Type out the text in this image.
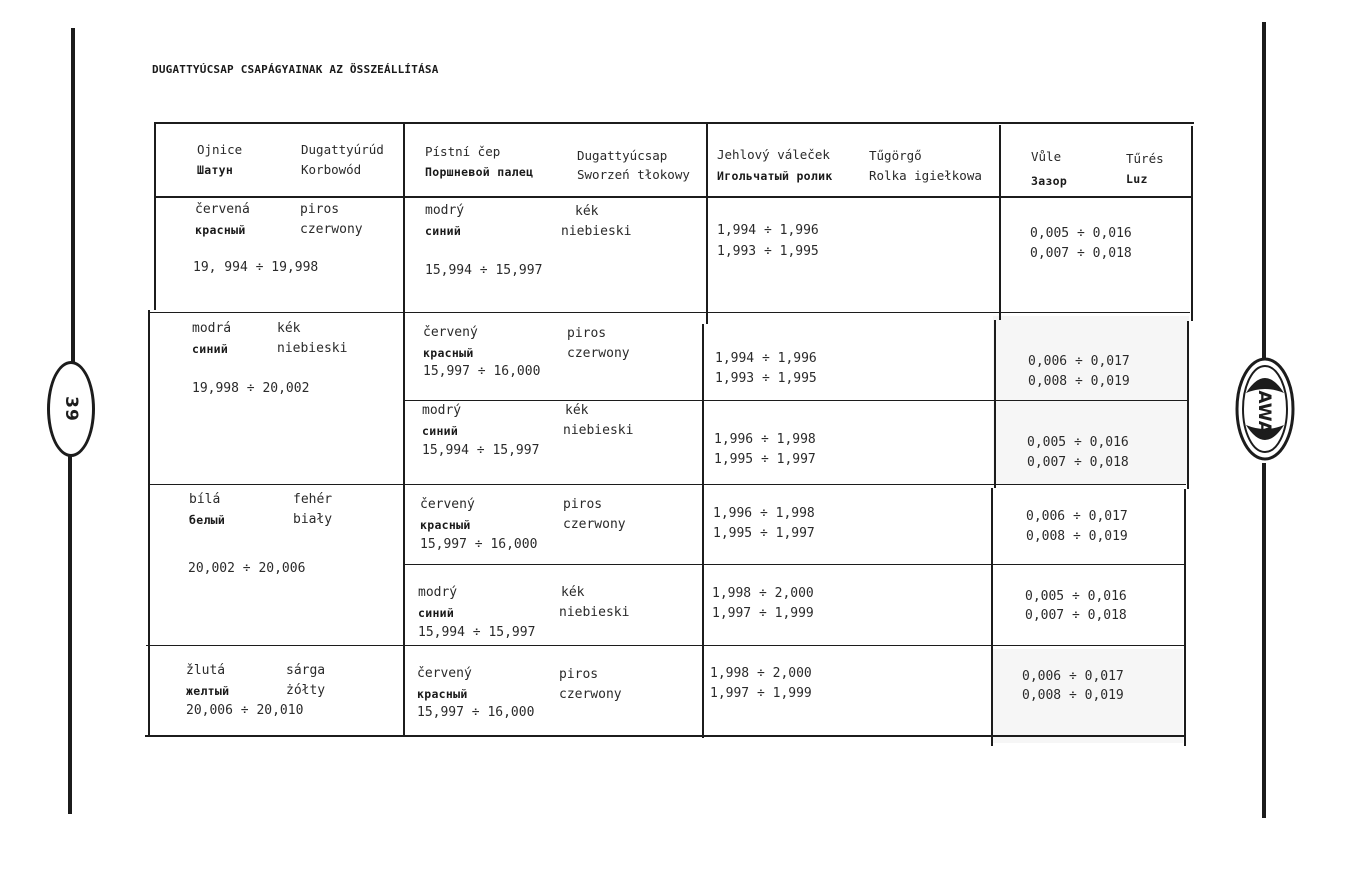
39	JAWA
DUGATTYÚCSAP CSAPÁGYAINAK AZ ÖSSZEÁLLÍTÁSA
Ojnice
Шатун
Dugattyúrúd
Korbowód
Pístní čep
Поршневой палец
Dugattyúcsap
Sworzeń tłokowy
Jehlový váleček
Игольчатый ролик
Tűgörgő
Rolka igiełkowa
Vůle
Зазор
Tűrés
Luz
červená
красный
piros
czerwony
19, 994 ÷ 19,998
modrý
синий
kék
niebieski
15,994 ÷ 15,997
1,994 ÷ 1,996
1,993 ÷ 1,995
0,005 ÷ 0,016
0,007 ÷ 0,018
modrá
синий
kék
niebieski
19,998 ÷ 20,002
červený
красный
piros
czerwony
15,997 ÷ 16,000
1,994 ÷ 1,996
1,993 ÷ 1,995
0,006 ÷ 0,017
0,008 ÷ 0,019
modrý
синий
kék
niebieski
15,994 ÷ 15,997
1,996 ÷ 1,998
1,995 ÷ 1,997
0,005 ÷ 0,016
0,007 ÷ 0,018
bílá
белый
fehér
biały
20,002 ÷ 20,006
červený
красный
piros
czerwony
15,997 ÷ 16,000
1,996 ÷ 1,998
1,995 ÷ 1,997
0,006 ÷ 0,017
0,008 ÷ 0,019
modrý
синий
kék
niebieski
15,994 ÷ 15,997
1,998 ÷ 2,000
1,997 ÷ 1,999
0,005 ÷ 0,016
0,007 ÷ 0,018
žlutá
желтый
sárga
żółty
20,006 ÷ 20,010
červený
красный
piros
czerwony
15,997 ÷ 16,000
1,998 ÷ 2,000
1,997 ÷ 1,999
0,006 ÷ 0,017
0,008 ÷ 0,019
